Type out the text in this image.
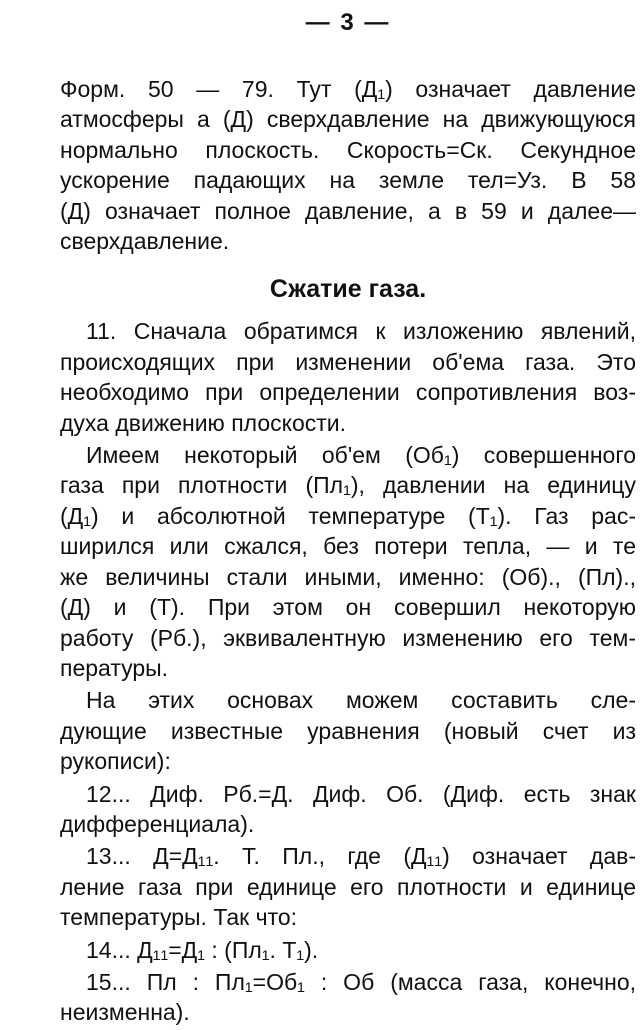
— 3 —

Форм. 50 — 79. Тут (Д₁) означает давление
атмосферы а (Д) сверхдавление на движующуюся
нормально плоскость. Скорость=Ск. Секундное
ускорение падающих на земле тел=Уз. В 58
(Д) означает полное давление, а в 59 и далее—
сверхдавление.

Сжатие газа.

11. Сначала обратимся к изложению явлений,
происходящих при изменении об'ема газа. Это
необходимо при определении сопротивления воз-
духа движению плоскости.

Имеем некоторый об'ем (Об₁) совершенного
газа при плотности (Пл₁), давлении на единицу
(Д₁) и абсолютной температуре (Т₁). Газ рас-
ширился или сжался, без потери тепла, — и те
же величины стали иными, именно: (Об)., (Пл).,
(Д) и (Т). При этом он совершил некоторую
работу (Рб.), эквивалентную изменению его тем-
пературы.

На этих основах можем составить сле-
дующие известные уравнения (новый счет из
рукописи):

12... Диф. Рб.=Д. Диф. Об. (Диф. есть знак
дифференциала).

13... Д=Д₁₁. Т. Пл., где (Д₁₁) означает дав-
ление газа при единице его плотности и единице
температуры. Так что:

14... Д₁₁=Д₁ : (Пл₁. Т₁).

15... Пл : Пл₁=Об₁ : Об (масса газа, конечно,
неизменна).
